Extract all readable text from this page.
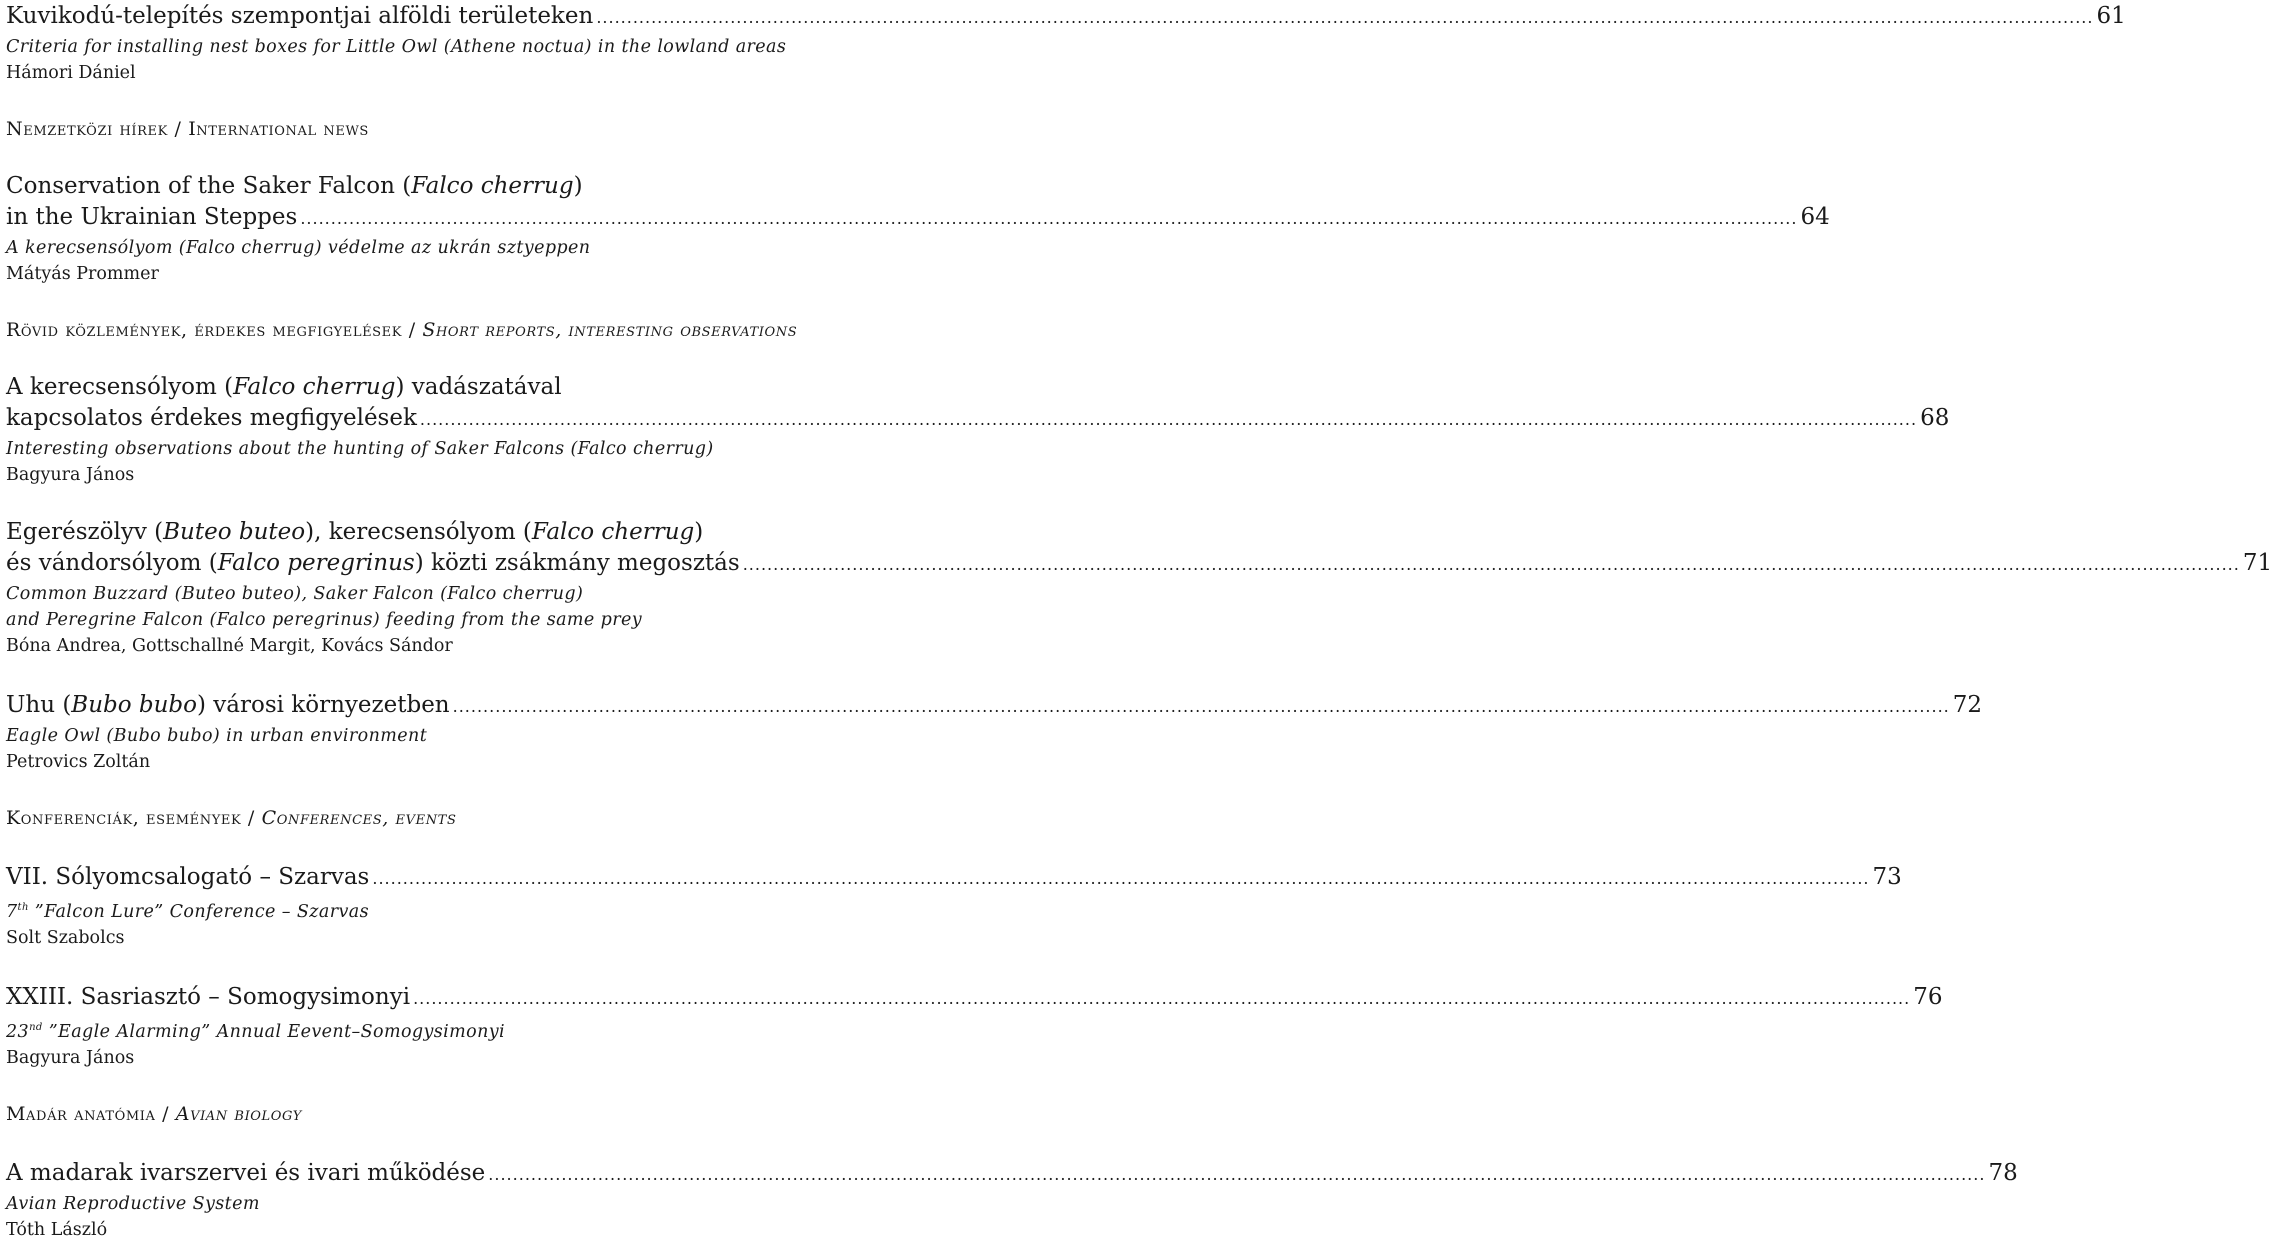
Kuvikodú-telepítés szempontjai alföldi területeken ...................................................................................................................................................................................................................................................... 61
Criteria for installing nest boxes for Little Owl (Athene noctua) in the lowland areas
Hámori Dániel
Nemzetközi hírek / International news
Conservation of the Saker Falcon (Falco cherrug)
in the Ukrainian Steppes ...................................................................................................................................................................................................................................................... 64
A kerecsensólyom (Falco cherrug) védelme az ukrán sztyeppen
Mátyás Prommer
Rövid közlemények, érdekes megfigyelések / Short reports, interesting observations
A kerecsensólyom (Falco cherrug) vadászatával
kapcsolatos érdekes megfigyelések ...................................................................................................................................................................................................................................................... 68
Interesting observations about the hunting of Saker Falcons (Falco cherrug)
Bagyura János
Egerészölyv (Buteo buteo), kerecsensólyom (Falco cherrug)
és vándorsólyom (Falco peregrinus) közti zsákmány megosztás ...................................................................................................................................................................................................................................................... 71
Common Buzzard (Buteo buteo), Saker Falcon (Falco cherrug)
and Peregrine Falcon (Falco peregrinus) feeding from the same prey
Bóna Andrea, Gottschallné Margit, Kovács Sándor
Uhu (Bubo bubo) városi környezetben ...................................................................................................................................................................................................................................................... 72
Eagle Owl (Bubo bubo) in urban environment
Petrovics Zoltán
Konferenciák, események / Conferences, events
VII. Sólyomcsalogató – Szarvas ...................................................................................................................................................................................................................................................... 73
7th ”Falcon Lure” Conference – Szarvas
Solt Szabolcs
XXIII. Sasriasztó – Somogysimonyi ...................................................................................................................................................................................................................................................... 76
23nd ”Eagle Alarming” Annual Eevent–Somogysimonyi
Bagyura János
Madár anatómia / Avian biology
A madarak ivarszervei és ivari működése ...................................................................................................................................................................................................................................................... 78
Avian Reproductive System
Tóth László
